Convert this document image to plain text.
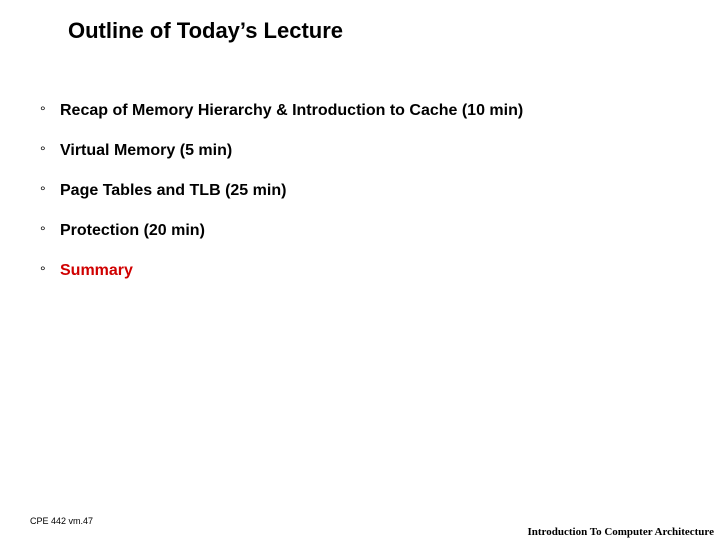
Outline of Today’s Lecture
° Recap of Memory Hierarchy & Introduction to Cache (10 min)
° Virtual Memory (5 min)
° Page Tables and TLB (25 min)
° Protection (20 min)
° Summary
CPE 442 vm.47
Introduction To Computer Architecture
